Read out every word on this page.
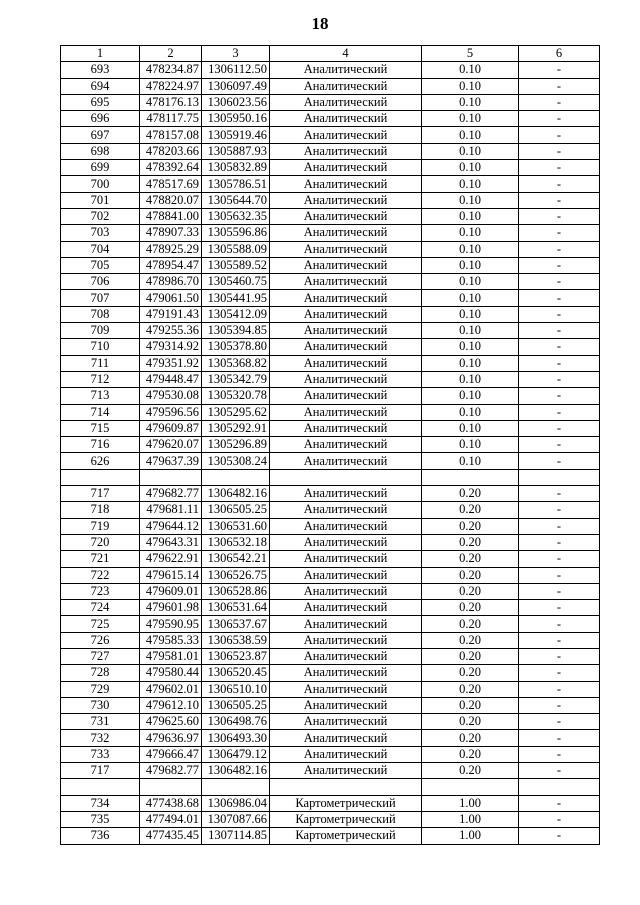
18
1	2	3	4	5	6
693	478234.87	1306112.50	Аналитический	0.10	-
694	478224.97	1306097.49	Аналитический	0.10	-
695	478176.13	1306023.56	Аналитический	0.10	-
696	478117.75	1305950.16	Аналитический	0.10	-
697	478157.08	1305919.46	Аналитический	0.10	-
698	478203.66	1305887.93	Аналитический	0.10	-
699	478392.64	1305832.89	Аналитический	0.10	-
700	478517.69	1305786.51	Аналитический	0.10	-
701	478820.07	1305644.70	Аналитический	0.10	-
702	478841.00	1305632.35	Аналитический	0.10	-
703	478907.33	1305596.86	Аналитический	0.10	-
704	478925.29	1305588.09	Аналитический	0.10	-
705	478954.47	1305589.52	Аналитический	0.10	-
706	478986.70	1305460.75	Аналитический	0.10	-
707	479061.50	1305441.95	Аналитический	0.10	-
708	479191.43	1305412.09	Аналитический	0.10	-
709	479255.36	1305394.85	Аналитический	0.10	-
710	479314.92	1305378.80	Аналитический	0.10	-
711	479351.92	1305368.82	Аналитический	0.10	-
712	479448.47	1305342.79	Аналитический	0.10	-
713	479530.08	1305320.78	Аналитический	0.10	-
714	479596.56	1305295.62	Аналитический	0.10	-
715	479609.87	1305292.91	Аналитический	0.10	-
716	479620.07	1305296.89	Аналитический	0.10	-
626	479637.39	1305308.24	Аналитический	0.10	-

717	479682.77	1306482.16	Аналитический	0.20	-
718	479681.11	1306505.25	Аналитический	0.20	-
719	479644.12	1306531.60	Аналитический	0.20	-
720	479643.31	1306532.18	Аналитический	0.20	-
721	479622.91	1306542.21	Аналитический	0.20	-
722	479615.14	1306526.75	Аналитический	0.20	-
723	479609.01	1306528.86	Аналитический	0.20	-
724	479601.98	1306531.64	Аналитический	0.20	-
725	479590.95	1306537.67	Аналитический	0.20	-
726	479585.33	1306538.59	Аналитический	0.20	-
727	479581.01	1306523.87	Аналитический	0.20	-
728	479580.44	1306520.45	Аналитический	0.20	-
729	479602.01	1306510.10	Аналитический	0.20	-
730	479612.10	1306505.25	Аналитический	0.20	-
731	479625.60	1306498.76	Аналитический	0.20	-
732	479636.97	1306493.30	Аналитический	0.20	-
733	479666.47	1306479.12	Аналитический	0.20	-
717	479682.77	1306482.16	Аналитический	0.20	-

734	477438.68	1306986.04	Картометрический	1.00	-
735	477494.01	1307087.66	Картометрический	1.00	-
736	477435.45	1307114.85	Картометрический	1.00	-
